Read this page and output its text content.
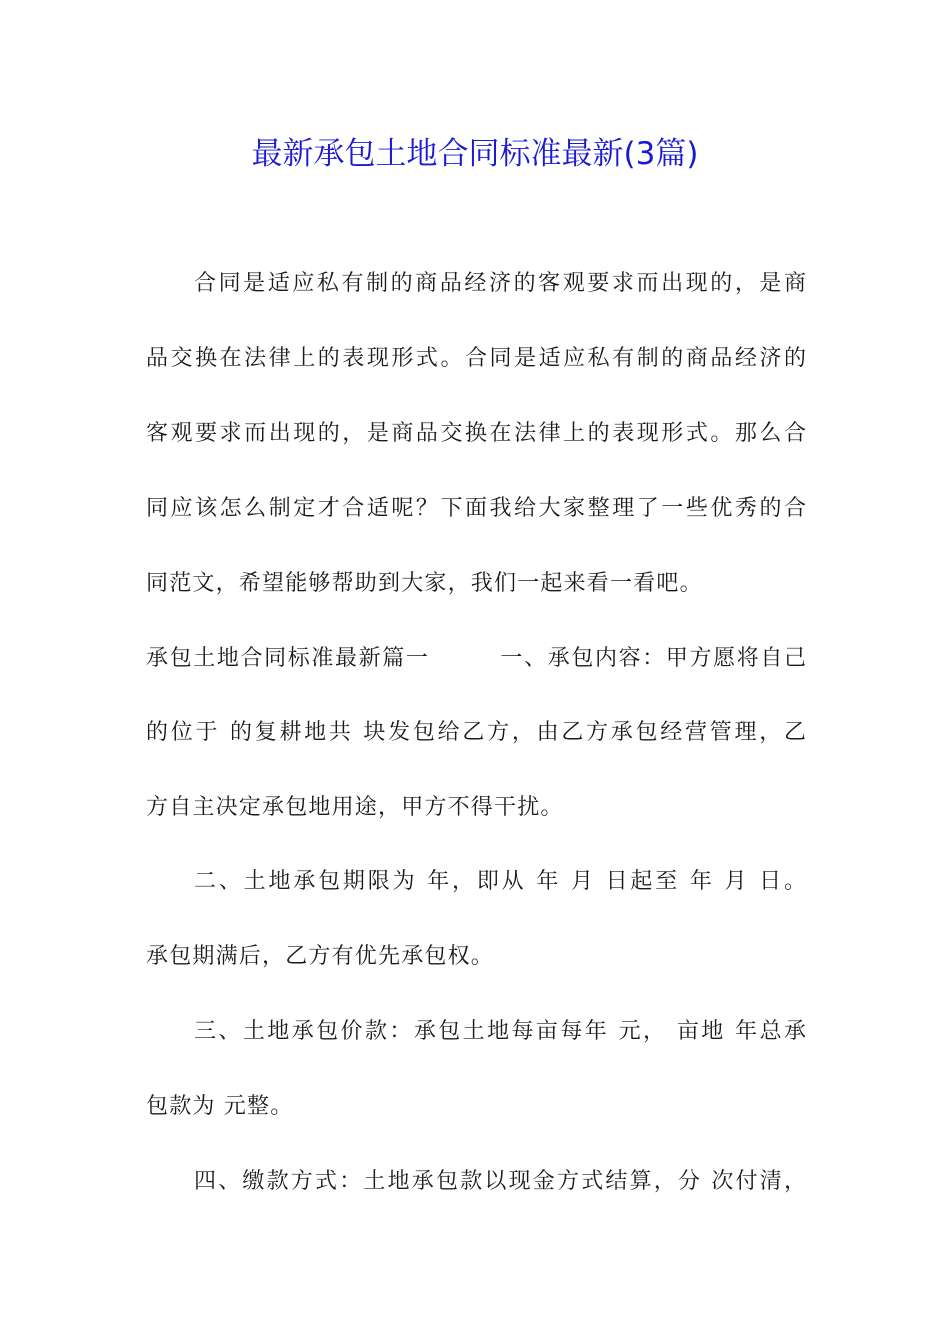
最新承包土地合同标准最新(3篇)

合同是适应私有制的商品经济的客观要求而出现的，是商

品交换在法律上的表现形式。合同是适应私有制的商品经济的

客观要求而出现的，是商品交换在法律上的表现形式。那么合

同应该怎么制定才合适呢？下面我给大家整理了一些优秀的合

同范文，希望能够帮助到大家，我们一起来看一看吧。

承包土地合同标准最新篇一　　　一、承包内容：甲方愿将自己

的位于 的复耕地共 块发包给乙方，由乙方承包经营管理，乙

方自主决定承包地用途，甲方不得干扰。

二、土地承包期限为 年，即从 年 月 日起至 年 月 日。

承包期满后，乙方有优先承包权。

三、土地承包价款：承包土地每亩每年 元， 亩地 年总承

包款为 元整。

四、缴款方式：土地承包款以现金方式结算，分 次付清，
